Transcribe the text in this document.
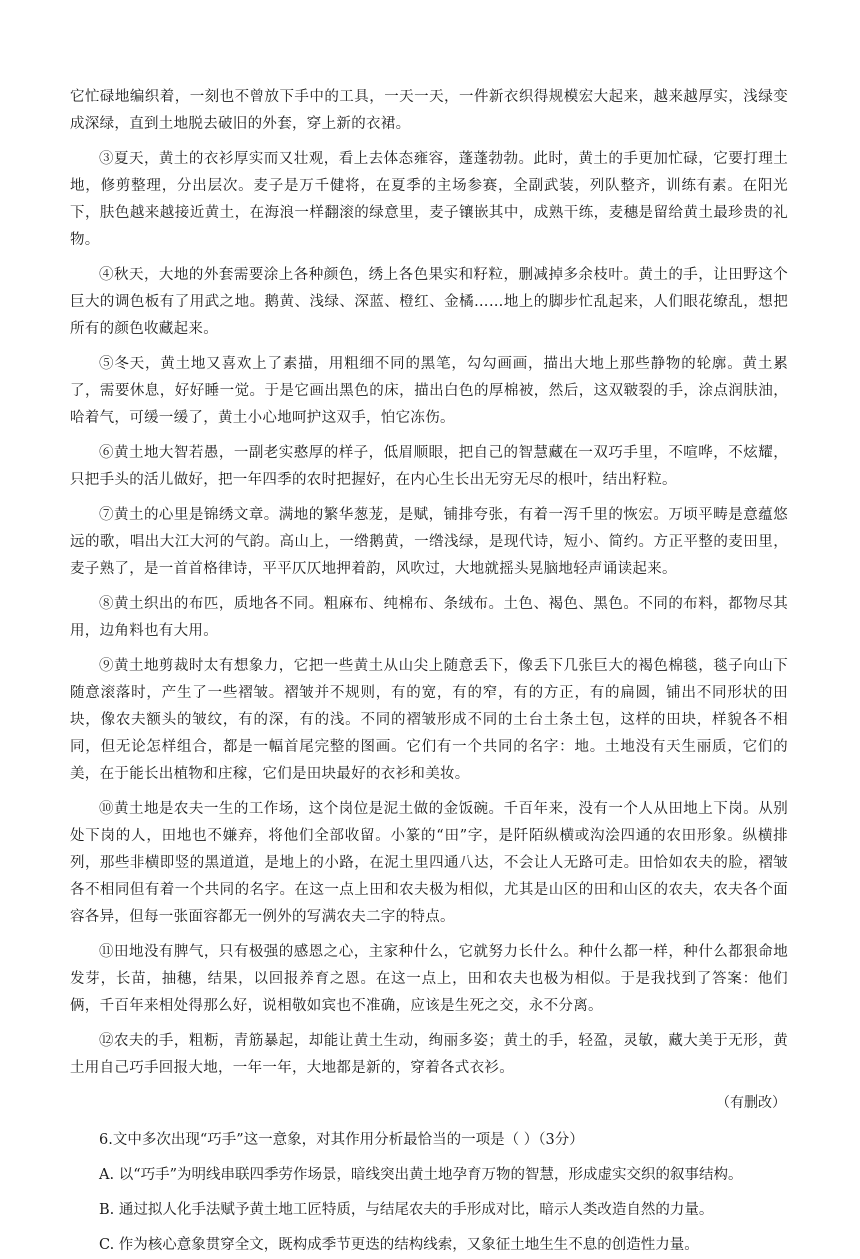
它忙碌地编织着，一刻也不曾放下手中的工具，一天一天，一件新衣织得规模宏大起来，越来越厚实，浅绿变成深绿，直到土地脱去破旧的外套，穿上新的衣裙。

③夏天，黄土的衣衫厚实而又壮观，看上去体态雍容，蓬蓬勃勃。此时，黄土的手更加忙碌，它要打理土地，修剪整理，分出层次。麦子是万千健将，在夏季的主场参赛，全副武装，列队整齐，训练有素。在阳光下，肤色越来越接近黄土，在海浪一样翻滚的绿意里，麦子镶嵌其中，成熟干练，麦穗是留给黄土最珍贵的礼物。

④秋天，大地的外套需要涂上各种颜色，绣上各色果实和籽粒，删减掉多余枝叶。黄土的手，让田野这个巨大的调色板有了用武之地。鹅黄、浅绿、深蓝、橙红、金橘……地上的脚步忙乱起来，人们眼花缭乱，想把所有的颜色收藏起来。

⑤冬天，黄土地又喜欢上了素描，用粗细不同的黑笔，勾勾画画，描出大地上那些静物的轮廓。黄土累了，需要休息，好好睡一觉。于是它画出黑色的床，描出白色的厚棉被，然后，这双皲裂的手，涂点润肤油，哈着气，可缓一缓了，黄土小心地呵护这双手，怕它冻伤。

⑥黄土地大智若愚，一副老实憨厚的样子，低眉顺眼，把自己的智慧藏在一双巧手里，不喧哗，不炫耀，只把手头的活儿做好，把一年四季的农时把握好，在内心生长出无穷无尽的根叶，结出籽粒。

⑦黄土的心里是锦绣文章。满地的繁华葱茏，是赋，铺排夸张，有着一泻千里的恢宏。万顷平畴是意蕴悠远的歌，唱出大江大河的气韵。高山上，一绺鹅黄，一绺浅绿，是现代诗，短小、简约。方正平整的麦田里，麦子熟了，是一首首格律诗，平平仄仄地押着韵，风吹过，大地就摇头晃脑地轻声诵读起来。

⑧黄土织出的布匹，质地各不同。粗麻布、纯棉布、条绒布。土色、褐色、黑色。不同的布料，都物尽其用，边角料也有大用。

⑨黄土地剪裁时太有想象力，它把一些黄土从山尖上随意丢下，像丢下几张巨大的褐色棉毯，毯子向山下随意滚落时，产生了一些褶皱。褶皱并不规则，有的宽，有的窄，有的方正，有的扁圆，铺出不同形状的田块，像农夫额头的皱纹，有的深，有的浅。不同的褶皱形成不同的土台土条土包，这样的田块，样貌各不相同，但无论怎样组合，都是一幅首尾完整的图画。它们有一个共同的名字：地。土地没有天生丽质，它们的美，在于能长出植物和庄稼，它们是田块最好的衣衫和美妆。

⑩黄土地是农夫一生的工作场，这个岗位是泥土做的金饭碗。千百年来，没有一个人从田地上下岗。从别处下岗的人，田地也不嫌弃，将他们全部收留。小篆的“田”字，是阡陌纵横或沟浍四通的农田形象。纵横排列，那些非横即竖的黑道道，是地上的小路，在泥土里四通八达，不会让人无路可走。田恰如农夫的脸，褶皱各不相同但有着一个共同的名字。在这一点上田和农夫极为相似，尤其是山区的田和山区的农夫，农夫各个面容各异，但每一张面容都无一例外的写满农夫二字的特点。

⑪田地没有脾气，只有极强的感恩之心，主家种什么，它就努力长什么。种什么都一样，种什么都狠命地发芽，长苗，抽穗，结果，以回报养育之恩。在这一点上，田和农夫也极为相似。于是我找到了答案：他们俩，千百年来相处得那么好，说相敬如宾也不准确，应该是生死之交，永不分离。

⑫农夫的手，粗粝，青筋暴起，却能让黄土生动，绚丽多姿；黄土的手，轻盈，灵敏，藏大美于无形，黄土用自己巧手回报大地，一年一年，大地都是新的，穿着各式衣衫。

（有删改）

6.文中多次出现“巧手”这一意象，对其作用分析最恰当的一项是（ ）（3分）

A. 以“巧手”为明线串联四季劳作场景，暗线突出黄土地孕育万物的智慧，形成虚实交织的叙事结构。

B. 通过拟人化手法赋予黄土地工匠特质，与结尾农夫的手形成对比，暗示人类改造自然的力量。

C. 作为核心意象贯穿全文，既构成季节更迭的结构线索，又象征土地生生不息的创造性力量。
